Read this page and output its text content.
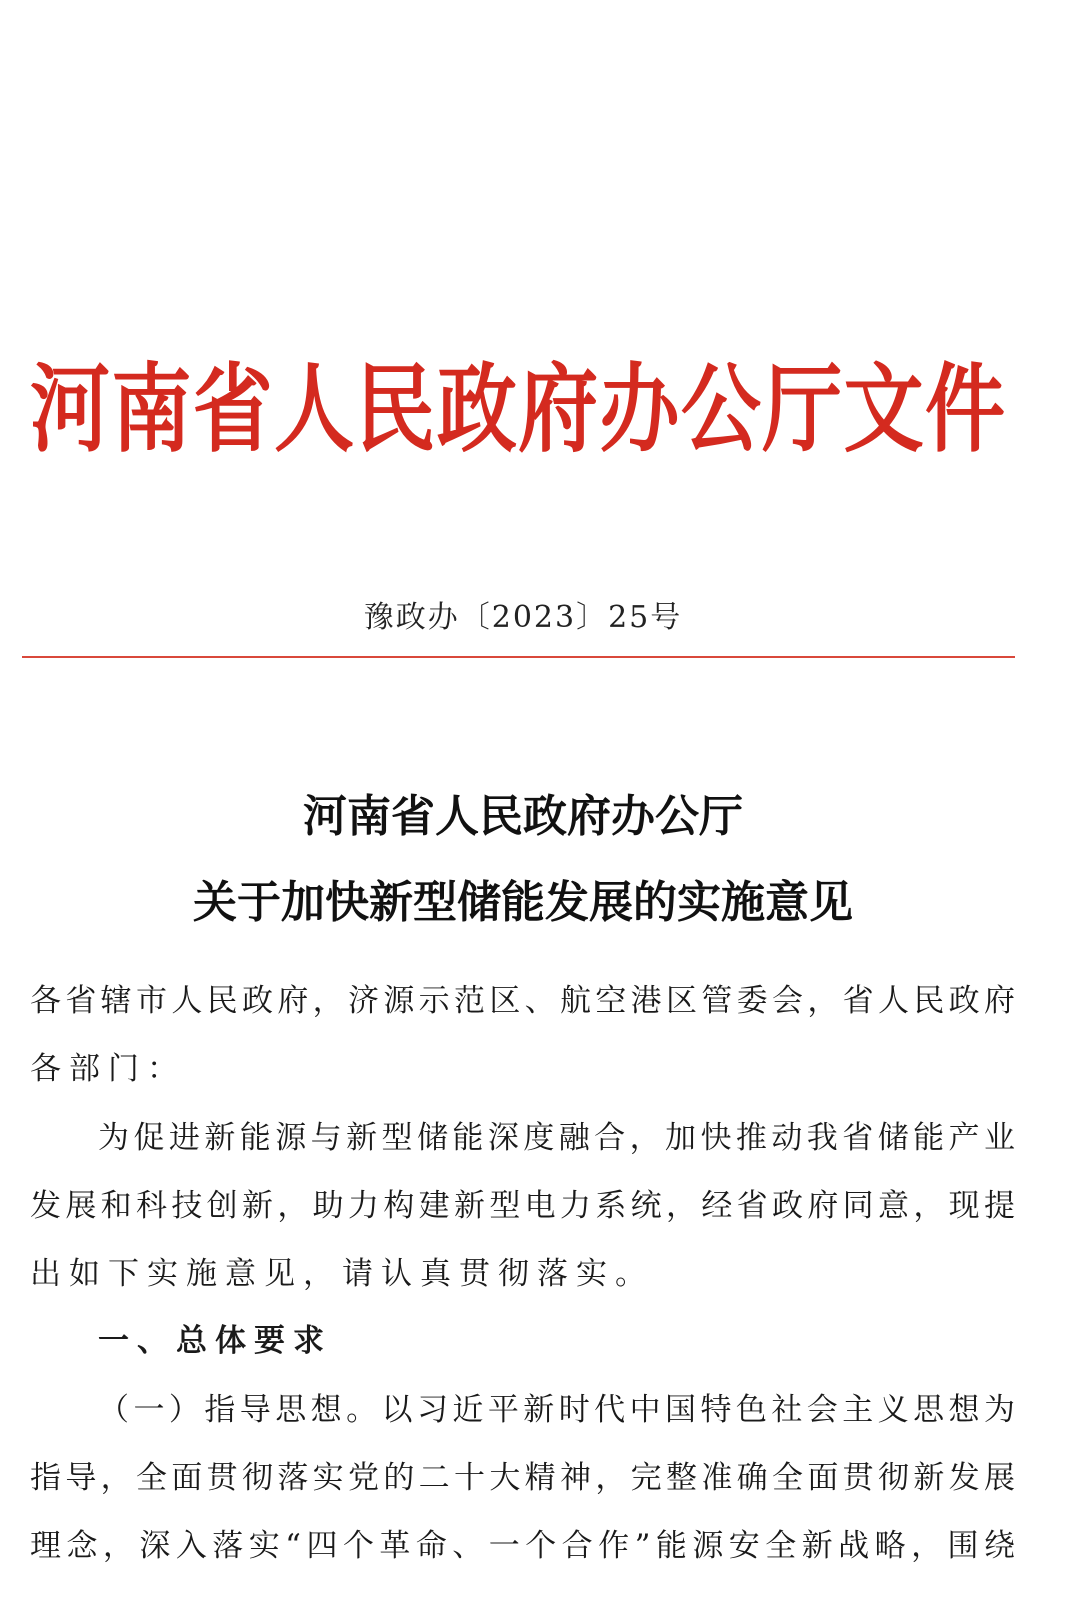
河南省人民政府办公厅文件
豫政办〔2023〕25号
河南省人民政府办公厅
关于加快新型储能发展的实施意见
各省辖市人民政府，济源示范区、航空港区管委会，省人民政府
各部门：
为促进新能源与新型储能深度融合，加快推动我省储能产业
发展和科技创新，助力构建新型电力系统，经省政府同意，现提
出如下实施意见，请认真贯彻落实。
一、总体要求
（一）指导思想。以习近平新时代中国特色社会主义思想为
指导，全面贯彻落实党的二十大精神，完整准确全面贯彻新发展
理念，深入落实“四个革命、一个合作”能源安全新战略，围绕
